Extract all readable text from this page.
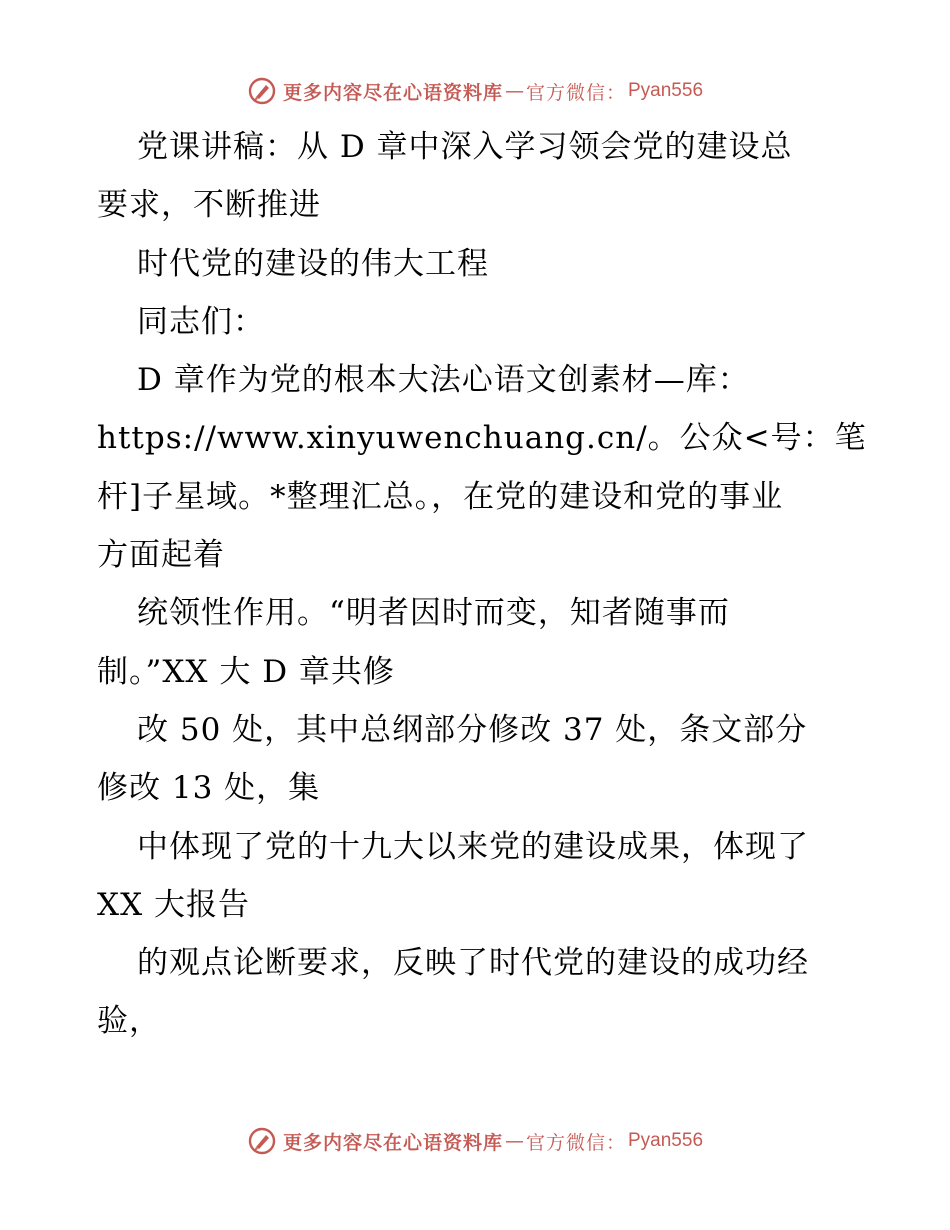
更多内容尽在心语资料库 — 官方微信： Pyan556
党课讲稿：从 D 章中深入学习领会党的建设总
要求，不断推进
时代党的建设的伟大工程
同志们：
D 章作为党的根本大法心语文创素材—库：
https://www.xinyuwenchuang.cn/。公众<号：笔
杆]子星域。*整理汇总。，在党的建设和党的事业
方面起着
统领性作用。“明者因时而变，知者随事而
制。”XX 大 D 章共修
改 50 处，其中总纲部分修改 37 处，条文部分
修改 13 处，集
中体现了党的十九大以来党的建设成果，体现了
XX 大报告
的观点论断要求，反映了时代党的建设的成功经
验，
更多内容尽在心语资料库 — 官方微信： Pyan556
